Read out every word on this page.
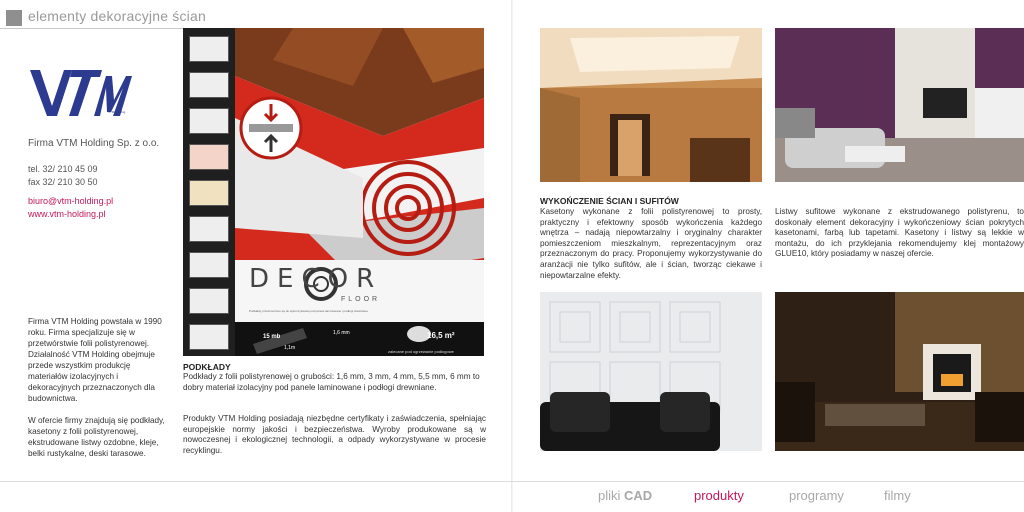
elementy dekoracyjne ścian
VTM Holding
Firma VTM Holding Sp. z o.o.
tel. 32/ 210 45 09
fax 32/ 210 30 50
biuro@vtm-holding.pl
www.vtm-holding.pl

Firma VTM Holding powstała w 1990 roku. Firma specjalizuje się w przetwórstwie folii polistyrenowej. Działalność VTM Holding obejmuje przede wszystkim produkcję materiałów izolacyjnych i dekoracyjnych przeznaczonych dla budownictwa.

W ofercie firmy znajdują się podkłady, kasetony z folii polistyrenowej, ekstrudowane listwy ozdobne, kleje, belki rustykalne, deski tarasowe.

DECOR
FLOOR
Podkłady przeznaczone są do wykorzystania pod panele laminowane i podłogi drewniane
15 mb
1,1m
1,6 mm	16,5 m²
zalecane pod ogrzewanie podłogowe
PODKŁADY
Podkłady z folii polistyrenowej o grubości: 1,6 mm, 3 mm, 4 mm, 5,5 mm, 6 mm to dobry materiał izolacyjny pod panele laminowane i podłogi drewniane.
Produkty VTM Holding posiadają niezbędne certyfikaty i zaświadczenia, spełniając europejskie normy jakości i bezpieczeństwa. Wyroby produkowane są w nowoczesnej i ekologicznej technologii, a odpady wykorzystywane w procesie recyklingu.
WYKOŃCZENIE ŚCIAN I SUFITÓW
Kasetony wykonane z folii polistyrenowej to prosty, praktyczny i efektowny sposób wykończenia każdego wnętrza – nadają niepowtarzalny i oryginalny charakter pomieszczeniom mieszkalnym, reprezentacyjnym oraz przeznaczonym do pracy. Proponujemy wykorzystywanie do aranżacji nie tylko sufitów, ale i ścian, tworząc ciekawe i niepowtarzalne efekty.
Listwy sufitowe wykonane z ekstrudowanego polistyrenu, to doskonały element dekoracyjny i wykończeniowy ścian pokrytych kasetonami, farbą lub tapetami. Kasetony i listwy są lekkie w montażu, do ich przyklejania rekomendujemy klej montażowy GLUE10, który posiadamy w naszej ofercie.
pliki CAD	produkty	programy	filmy
